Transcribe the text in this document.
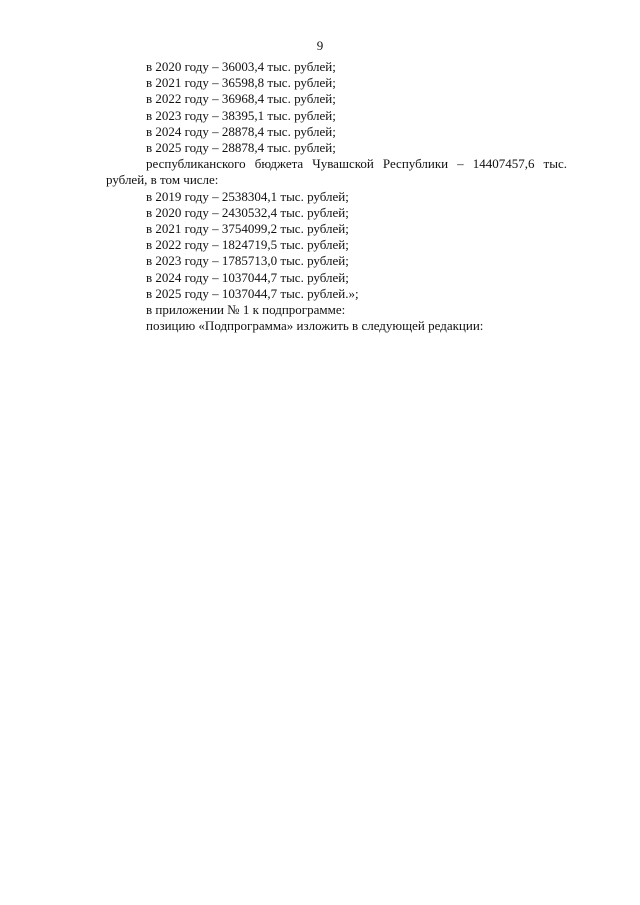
9

в 2020 году – 36003,4 тыс. рублей;

в 2021 году – 36598,8 тыс. рублей;

в 2022 году – 36968,4 тыс. рублей;

в 2023 году – 38395,1 тыс. рублей;

в 2024 году – 28878,4 тыс. рублей;

в 2025 году – 28878,4 тыс. рублей;

республиканского бюджета Чувашской Республики – 14407457,6 тыс. рублей, в том числе:

в 2019 году – 2538304,1 тыс. рублей;

в 2020 году – 2430532,4 тыс. рублей;

в 2021 году – 3754099,2 тыс. рублей;

в 2022 году – 1824719,5 тыс. рублей;

в 2023 году – 1785713,0 тыс. рублей;

в 2024 году – 1037044,7 тыс. рублей;

в 2025 году – 1037044,7 тыс. рублей.»;

в приложении № 1 к подпрограмме:

позицию «Подпрограмма» изложить в следующей редакции:
